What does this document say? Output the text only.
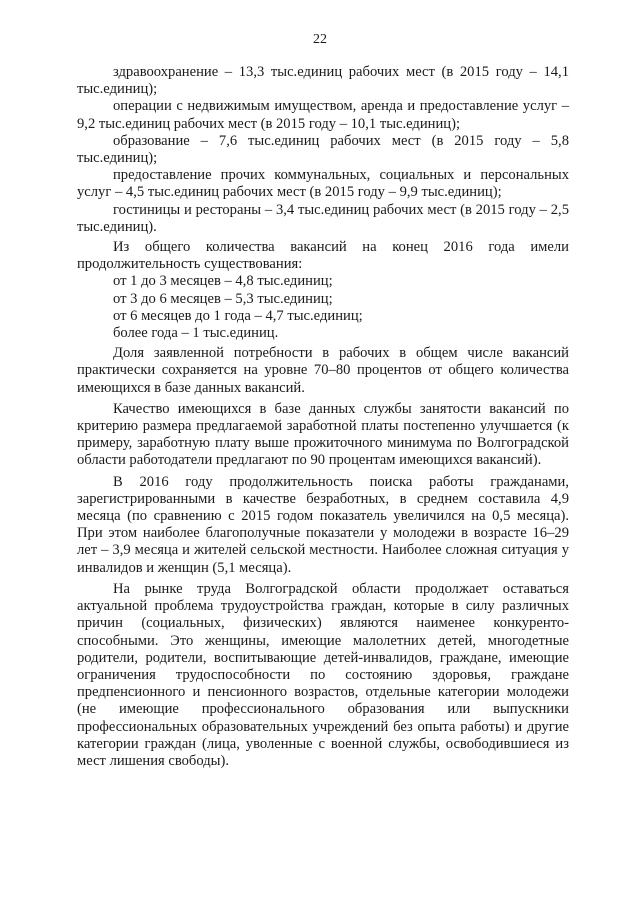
22

здравоохранение – 13,3 тыс.единиц рабочих мест (в 2015 году – 14,1 тыс.единиц);

операции с недвижимым имуществом, аренда и предоставление услуг – 9,2 тыс.единиц рабочих мест (в 2015 году – 10,1 тыс.единиц);

образование – 7,6 тыс.единиц рабочих мест (в 2015 году – 5,8 тыс.единиц);

предоставление прочих коммунальных, социальных и персональных услуг – 4,5 тыс.единиц рабочих мест (в 2015 году – 9,9 тыс.единиц);

гостиницы и рестораны – 3,4 тыс.единиц рабочих мест (в 2015 году – 2,5 тыс.единиц).

Из общего количества вакансий на конец 2016 года имели продолжительность существования:

от 1 до 3 месяцев – 4,8 тыс.единиц;

от 3 до 6 месяцев – 5,3 тыс.единиц;

от 6 месяцев до 1 года – 4,7 тыс.единиц;

более года – 1 тыс.единиц.

Доля заявленной потребности в рабочих в общем числе вакансий практически сохраняется на уровне 70–80 процентов от общего количества имеющихся в базе данных вакансий.

Качество имеющихся в базе данных службы занятости вакансий по критерию размера предлагаемой заработной платы постепенно улучшается (к примеру, заработную плату выше прожиточного минимума по Волгоградской области работодатели предлагают по 90 процентам имеющихся вакансий).

В 2016 году продолжительность поиска работы гражданами, зарегистрированными в качестве безработных, в среднем составила 4,9 месяца (по сравнению с 2015 годом показатель увеличился на 0,5 месяца). При этом наиболее благополучные показатели у молодежи в возрасте 16–29 лет – 3,9 месяца и жителей сельской местности. Наиболее сложная ситуация у инвалидов и женщин (5,1 месяца).

На рынке труда Волгоградской области продолжает оставаться актуальной проблема трудоустройства граждан, которые в силу различных причин (социальных, физических) являются наименее конкуренто-способными. Это женщины, имеющие малолетних детей, многодетные родители, родители, воспитывающие детей-инвалидов, граждане, имеющие ограничения трудоспособности по состоянию здоровья, граждане предпенсионного и пенсионного возрастов, отдельные категории молодежи (не имеющие профессионального образования или выпускники профессиональных образовательных учреждений без опыта работы) и другие категории граждан (лица, уволенные с военной службы, освободившиеся из мест лишения свободы).
